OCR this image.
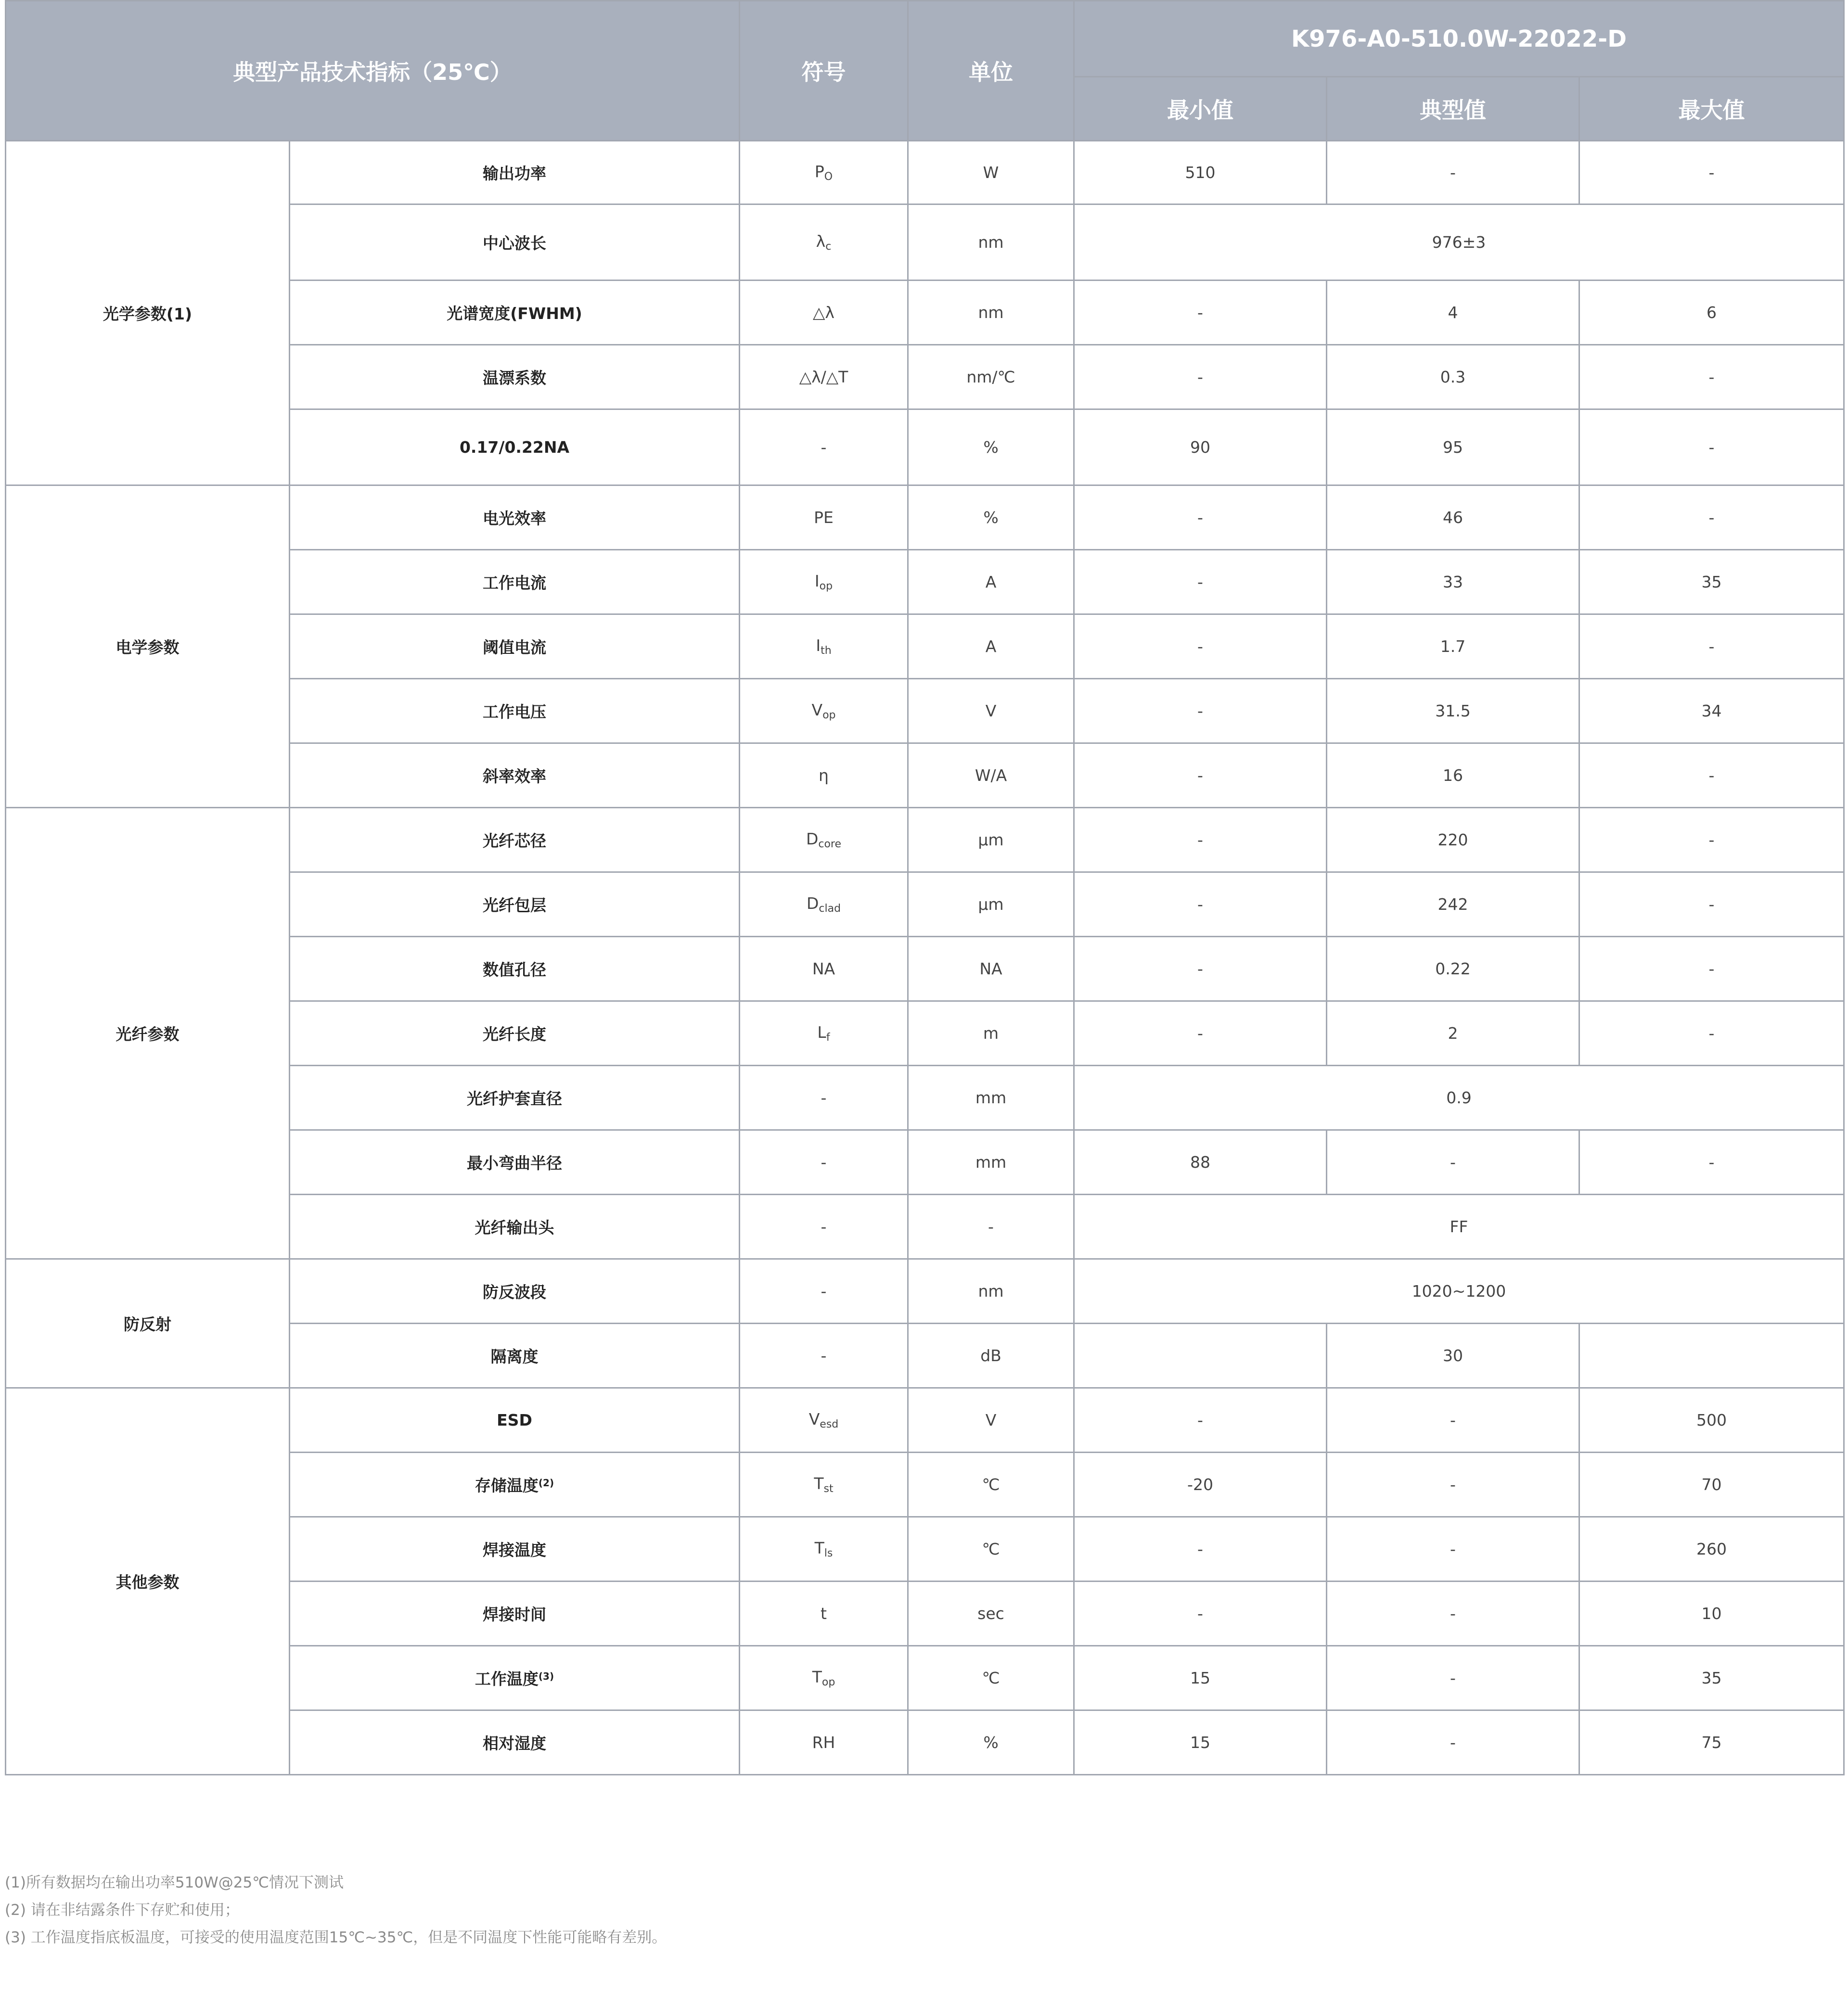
典型产品技术指标（25℃）		符号	单位	K976-A0-510.0W-22022-D		
				最小值	典型值	最大值
光学参数(1)	输出功率	$P_O$	W	510	-	-
	中心波长	$\lambda_c$	nm	976±3		
	光谱宽度(FWHM)	△λ	nm	-	4	6
	温漂系数	△λ/△T	nm/℃	-	0.3	-
	0.17/0.22NA	-	%	90	95	-
电学参数	电光效率	PE	%	-	46	-
	工作电流	$I_{op}$	A	-	33	35
	阈值电流	$I_{th}$	A	-	1.7	-
	工作电压	$V_{op}$	V	-	31.5	34
	斜率效率	η	W/A	-	16	-
光纤参数	光纤芯径	$D_{core}$	μm	-	220	-
	光纤包层	$D_{clad}$	μm	-	242	-
	数值孔径	NA	NA	-	0.22	-
	光纤长度	$L_f$	m	-	2	-
	光纤护套直径	-	mm	0.9		
	最小弯曲半径	-	mm	88	-	-
	光纤输出头	-	-	FF		
防反射	防反波段	-	nm	1020~1200		
	隔离度	-	dB		30	
其他参数	ESD	$V_{esd}$	V	-	-	500
	存储温度$^{(2)}$	$T_{st}$	℃	-20	-	70
	焊接温度	$T_{ls}$	℃	-	-	260
	焊接时间	t	sec	-	-	10
	工作温度$^{(3)}$	$T_{op}$	℃	15	-	35
	相对湿度	RH	%	15	-	75
(1)所有数据均在输出功率510W@25℃情况下测试
(2) 请在非结露条件下存贮和使用；
(3) 工作温度指底板温度，可接受的使用温度范围15℃~35℃，但是不同温度下性能可能略有差别。
